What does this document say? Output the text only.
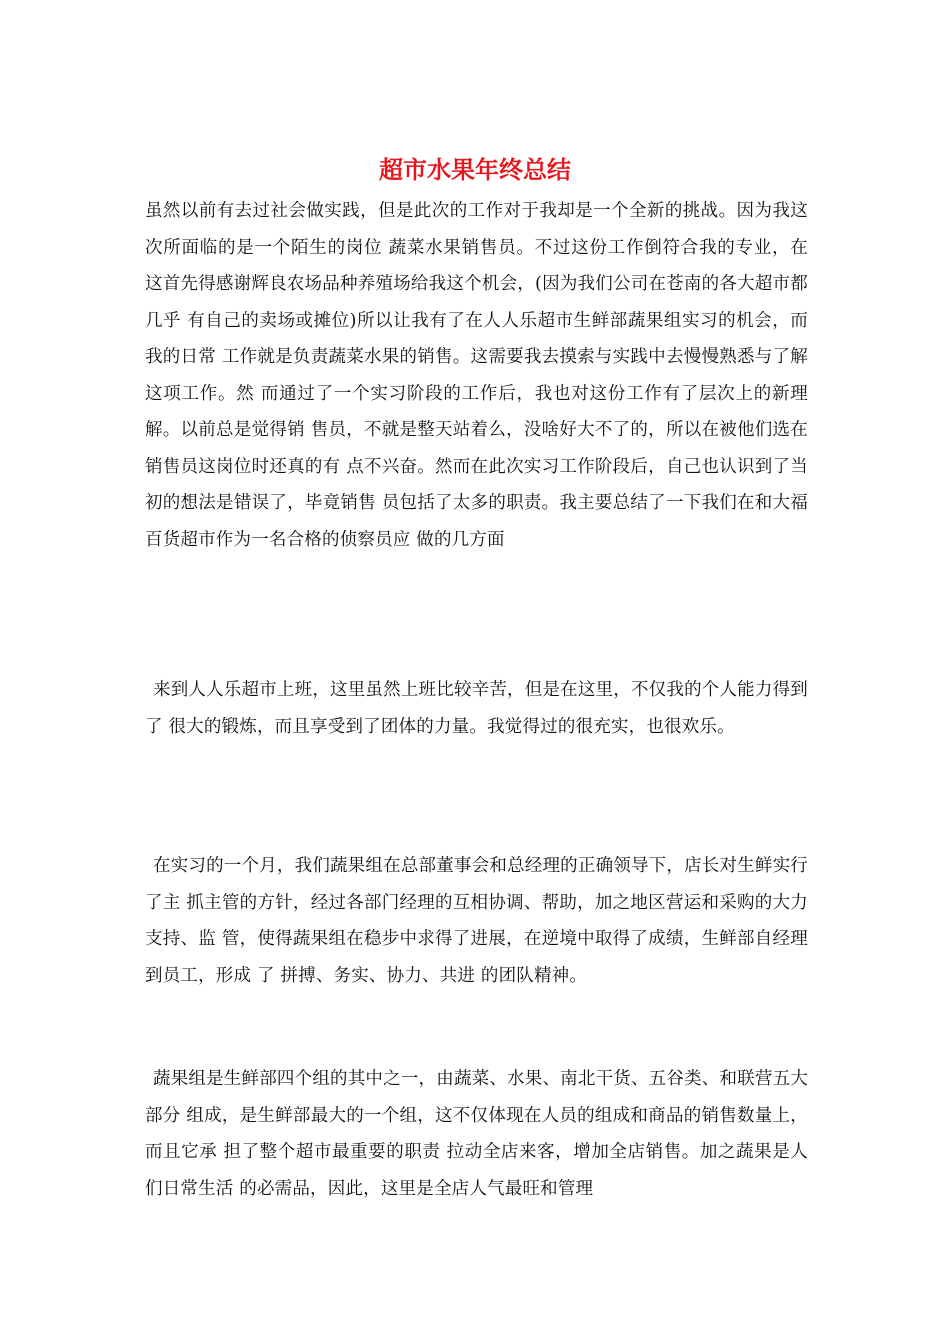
超市水果年终总结

虽然以前有去过社会做实践，但是此次的工作对于我却是一个全新的挑战。因为我这 次所面临的是一个陌生的岗位 蔬菜水果销售员。不过这份工作倒符合我的专业，在 这首先得感谢辉良农场品种养殖场给我这个机会，(因为我们公司在苍南的各大超市都几乎 有自己的卖场或摊位)所以让我有了在人人乐超市生鲜部蔬果组实习的机会，而我的日常 工作就是负责蔬菜水果的销售。这需要我去摸索与实践中去慢慢熟悉与了解这项工作。然 而通过了一个实习阶段的工作后，我也对这份工作有了层次上的新理解。以前总是觉得销 售员，不就是整天站着么，没啥好大不了的，所以在被他们选在销售员这岗位时还真的有 点不兴奋。然而在此次实习工作阶段后，自己也认识到了当初的想法是错误了，毕竟销售 员包括了太多的职责。我主要总结了一下我们在和大福百货超市作为一名合格的侦察员应 做的几方面

来到人人乐超市上班，这里虽然上班比较辛苦，但是在这里，不仅我的个人能力得到了 很大的锻炼，而且享受到了团体的力量。我觉得过的很充实，也很欢乐。

在实习的一个月，我们蔬果组在总部董事会和总经理的正确领导下，店长对生鲜实行了主 抓主管的方针，经过各部门经理的互相协调、帮助，加之地区营运和采购的大力支持、监 管，使得蔬果组在稳步中求得了进展，在逆境中取得了成绩，生鲜部自经理到员工，形成 了 拼搏、务实、协力、共进 的团队精神。

蔬果组是生鲜部四个组的其中之一，由蔬菜、水果、南北干货、五谷类、和联营五大部分 组成，是生鲜部最大的一个组，这不仅体现在人员的组成和商品的销售数量上，而且它承 担了整个超市最重要的职责 拉动全店来客，增加全店销售。加之蔬果是人们日常生活 的必需品，因此，这里是全店人气最旺和管理
